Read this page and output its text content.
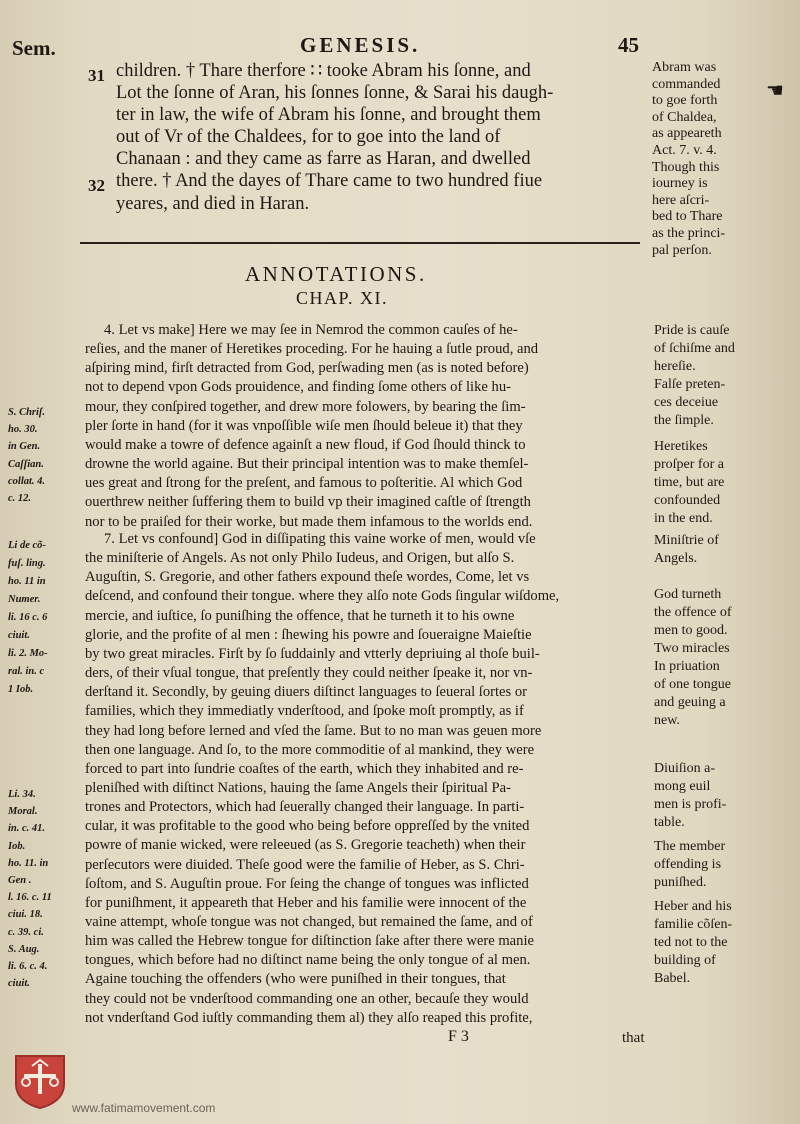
Sem.	GENESIS.	45
☚
31 children. † Thare therfore ∷ tooke Abram his ſonne, and
Lot the ſonne of Aran, his ſonnes ſonne, & Sarai his daugh-
ter in law, the wife of Abram his ſonne, and brought them
out of Vr of the Chaldees, for to goe into the land of
Chanaan : and they came as farre as Haran, and dwelled
32 there. † And the dayes of Thare came to two hundred fiue
yeares, and died in Haran.
Abram was
commanded
to goe forth
of Chaldea,
as appeareth
Act. 7. v. 4.
Though this
iourney is
here aſcri-
bed to Thare
as the princi-
pal perſon.
ANNOTATIONS.
CHAP. XI.
4. Let vs make] Here we may ſee in Nemrod the common cauſes of he-
reſies, and the maner of Heretikes proceding. For he hauing a ſutle proud, and
aſpiring mind, firſt detracted from God, perſwading men (as is noted before)
not to depend vpon Gods prouidence, and finding ſome others of like hu-
mour, they conſpired together, and drew more folowers, by bearing the ſim-
pler ſorte in hand (for it was vnpoſſible wiſe men ſhould beleue it) that they
would make a towre of defence againſt a new floud, if God ſhould thinck to
drowne the world againe. But their principal intention was to make themſel-
ues great and ſtrong for the preſent, and famous to poſteritie. Al which God
ouerthrew neither ſuffering them to build vp their imagined caſtle of ſtrength
nor to be praiſed for their worke, but made them infamous to the worlds end.
7. Let vs confound] God in diſſipating this vaine worke of men, would vſe
the miniſterie of Angels. As not only Philo Iudeus, and Origen, but alſo S.
Auguſtin, S. Gregorie, and other fathers expound theſe wordes, Come, let vs
deſcend, and confound their tongue. where they alſo note Gods ſingular wiſdome,
mercie, and iuſtice, ſo puniſhing the offence, that he turneth it to his owne
glorie, and the profite of al men : ſhewing his powre and ſoueraigne Maieſtie
by two great miracles. Firſt by ſo ſuddainly and vtterly depriuing al thoſe buil-
ders, of their vſual tongue, that preſently they could neither ſpeake it, nor vn-
derſtand it. Secondly, by geuing diuers diſtinct languages to ſeueral ſortes or
families, which they immediatly vnderſtood, and ſpoke moſt promptly, as if
they had long before lerned and vſed the ſame. But to no man was geuen more
then one language. And ſo, to the more commoditie of al mankind, they were
forced to part into ſundrie coaſtes of the earth, which they inhabited and re-
pleniſhed with diſtinct Nations, hauing the ſame Angels their ſpiritual Pa-
trones and Protectors, which had ſeuerally changed their language. In parti-
cular, it was profitable to the good who being before oppreſſed by the vnited
powre of manie wicked, were releeued (as S. Gregorie teacheth) when their
perſecutors were diuided. Theſe good were the familie of Heber, as S. Chri-
ſoſtom, and S. Auguſtin proue. For ſeing the change of tongues was inflicted
for puniſhment, it appeareth that Heber and his familie were innocent of the
vaine attempt, whoſe tongue was not changed, but remained the ſame, and of
him was called the Hebrew tongue for diſtinction ſake after there were manie
tongues, which before had no diſtinct name being the only tongue of al men.
Againe touching the offenders (who were puniſhed in their tongues, that
they could not be vnderſtood commanding one an other, becauſe they would
not vnderſtand God iuſtly commanding them al) they alſo reaped this profite,
Pride is cauſe
of ſchiſme and
hereſie.
Falſe preten-
ces deceiue
the ſimple.
Heretikes
proſper for a
time, but are
confounded
in the end.
Miniſtrie of
Angels.
God turneth
the offence of
men to good.
Two miracles
In priuation
of one tongue
and geuing a
new.
Diuiſion a-
mong euil
men is profi-
table.
The member
offending is
puniſhed.
Heber and his
familie cõſen-
ted not to the
building of
Babel.
S. Chriſ.
ho. 30.
in Gen.
Caſſian.
collat. 4.
c. 12.
Li de cõ-
fuſ. ling.
ho. 11 in
Numer.
li. 16 c. 6
ciuit.
li. 2. Mo-
ral. in. c
1 Iob.
Li. 34.
Moral.
in. c. 41.
Iob.
ho. 11. in
Gen .
l. 16. c. 11
ciui. 18.
c. 39. ci.
S. Aug.
li. 6. c. 4.
ciuit.
F 3	that
www.fatimamovement.com
